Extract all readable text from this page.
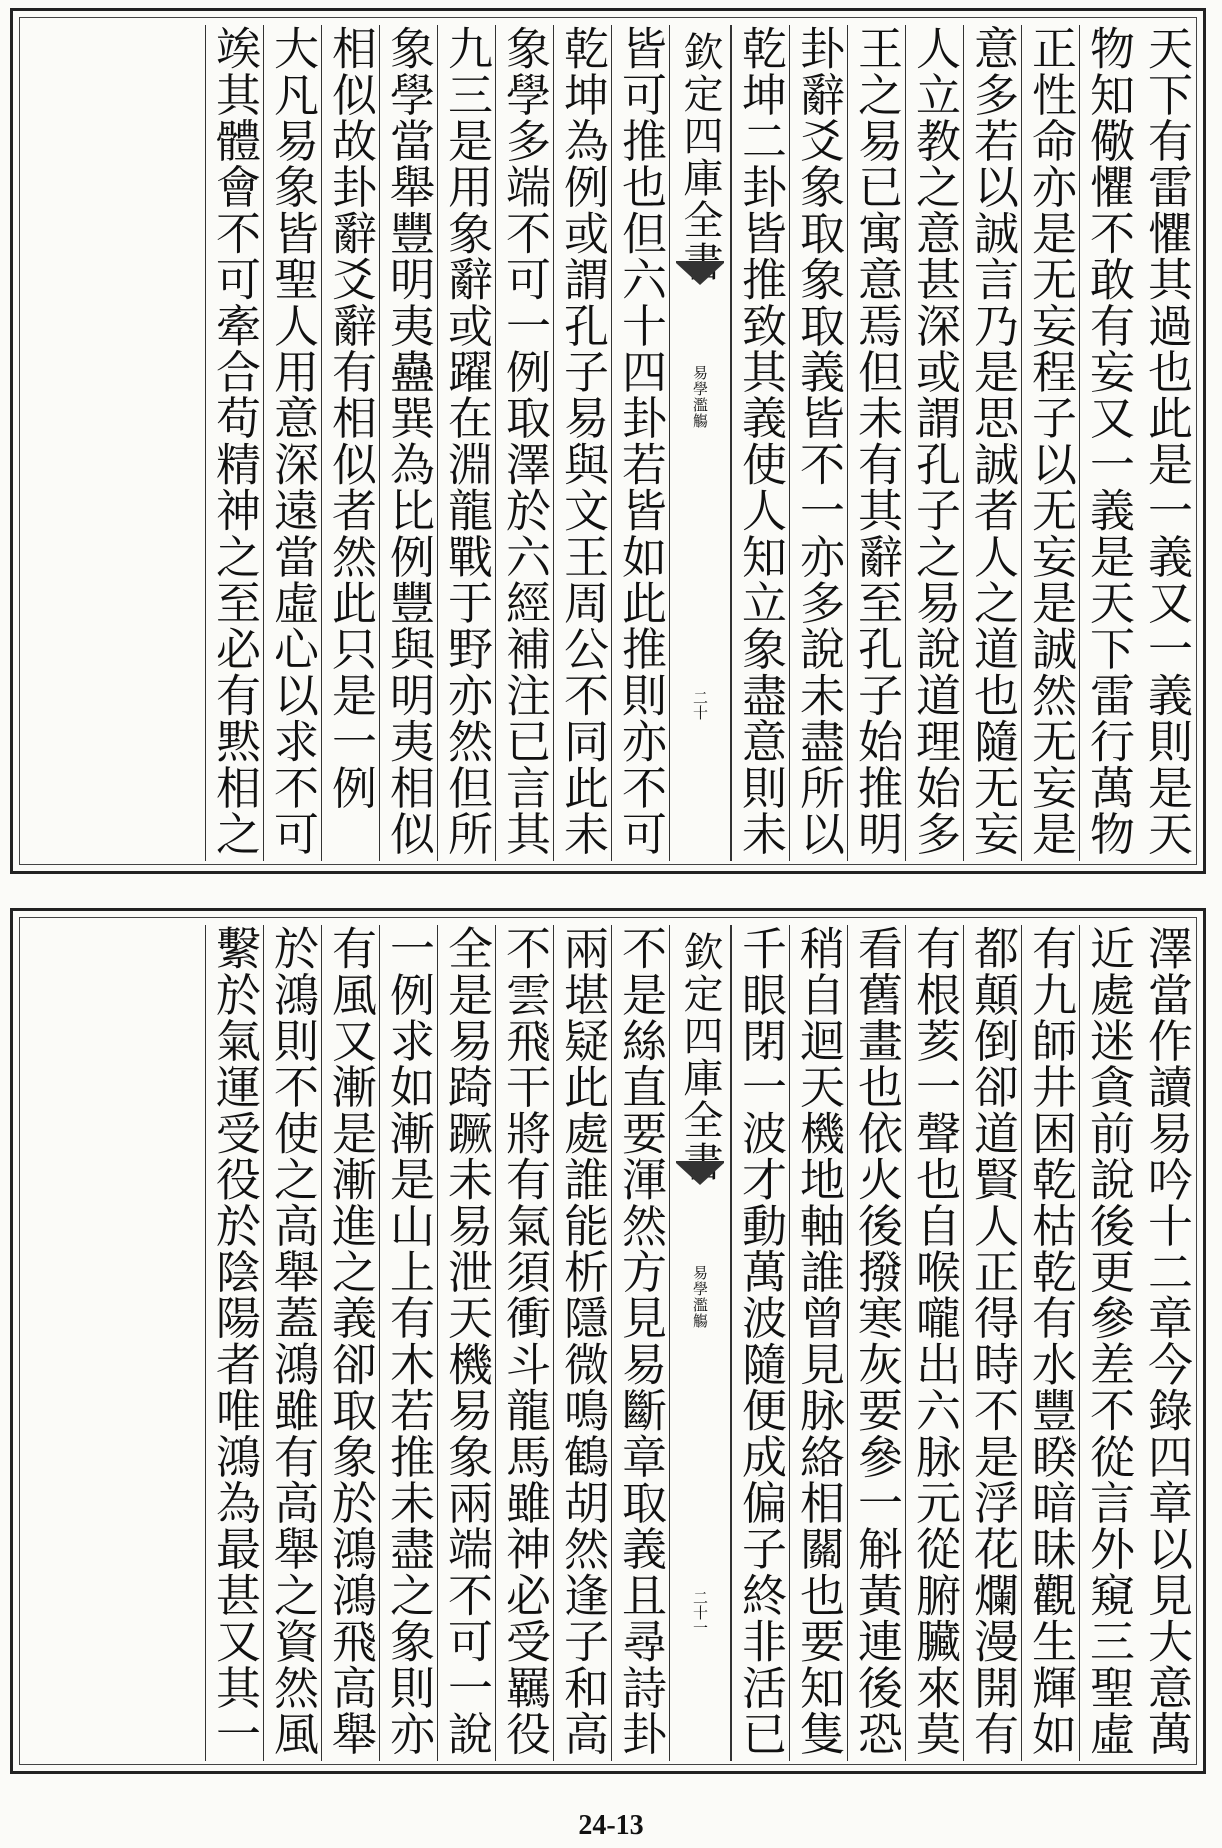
天下有雷懼其過也此是一義又一義則是天
物知儆懼不敢有妄又一義是天下雷行萬物
正性命亦是无妄程子以无妄是誠然无妄是
意多若以誠言乃是思誠者人之道也隨无妄
人立教之意甚深或謂孔子之易說道理始多
王之易已寓意焉但未有其辭至孔子始推明
卦辭爻象取象取義皆不一亦多說未盡所以
乾坤二卦皆推致其義使人知立象盡意則未
欽定四庫全書
易學濫觴
二十
皆可推也但六十四卦若皆如此推則亦不可
乾坤為例或謂孔子易與文王周公不同此未
象學多端不可一例取澤於六經補注已言其
九三是用象辭或躍在淵龍戰于野亦然但所
象學當舉豐明夷蠱巽為比例豐與明夷相似
相似故卦辭爻辭有相似者然此只是一例
大凡易象皆聖人用意深遠當虛心以求不可
竢其體會不可牽合苟精神之至必有黙相之
澤當作讀易吟十二章今錄四章以見大意萬
近處迷貪前說後更參差不從言外窺三聖虛
有九師井困乾枯乾有水豐睽暗昧觀生輝如
都顛倒卻道賢人正得時不是浮花爛漫開有
有根荄一聲也自喉嚨出六脉元從腑臟來莫
看舊畫也依火後撥寒灰要參一斛黃連後恐
稍自迴天機地軸誰曾見脉絡相關也要知隻
千眼閉一波才動萬波隨便成偏子終非活已
欽定四庫全書
易學濫觴
二十一
不是絲直要渾然方見易斷章取義且尋詩卦
兩堪疑此處誰能析隱微鳴鶴胡然逢子和高
不雲飛干將有氣須衝斗龍馬雖神必受羈役
全是易踦蹶未易泄天機易象兩端不可一說
一例求如漸是山上有木若推未盡之象則亦
有風又漸是漸進之義卻取象於鴻鴻飛高舉
於鴻則不使之高舉蓋鴻雖有高舉之資然風
繫於氣運受役於陰陽者唯鴻為最甚又其一
24-13
